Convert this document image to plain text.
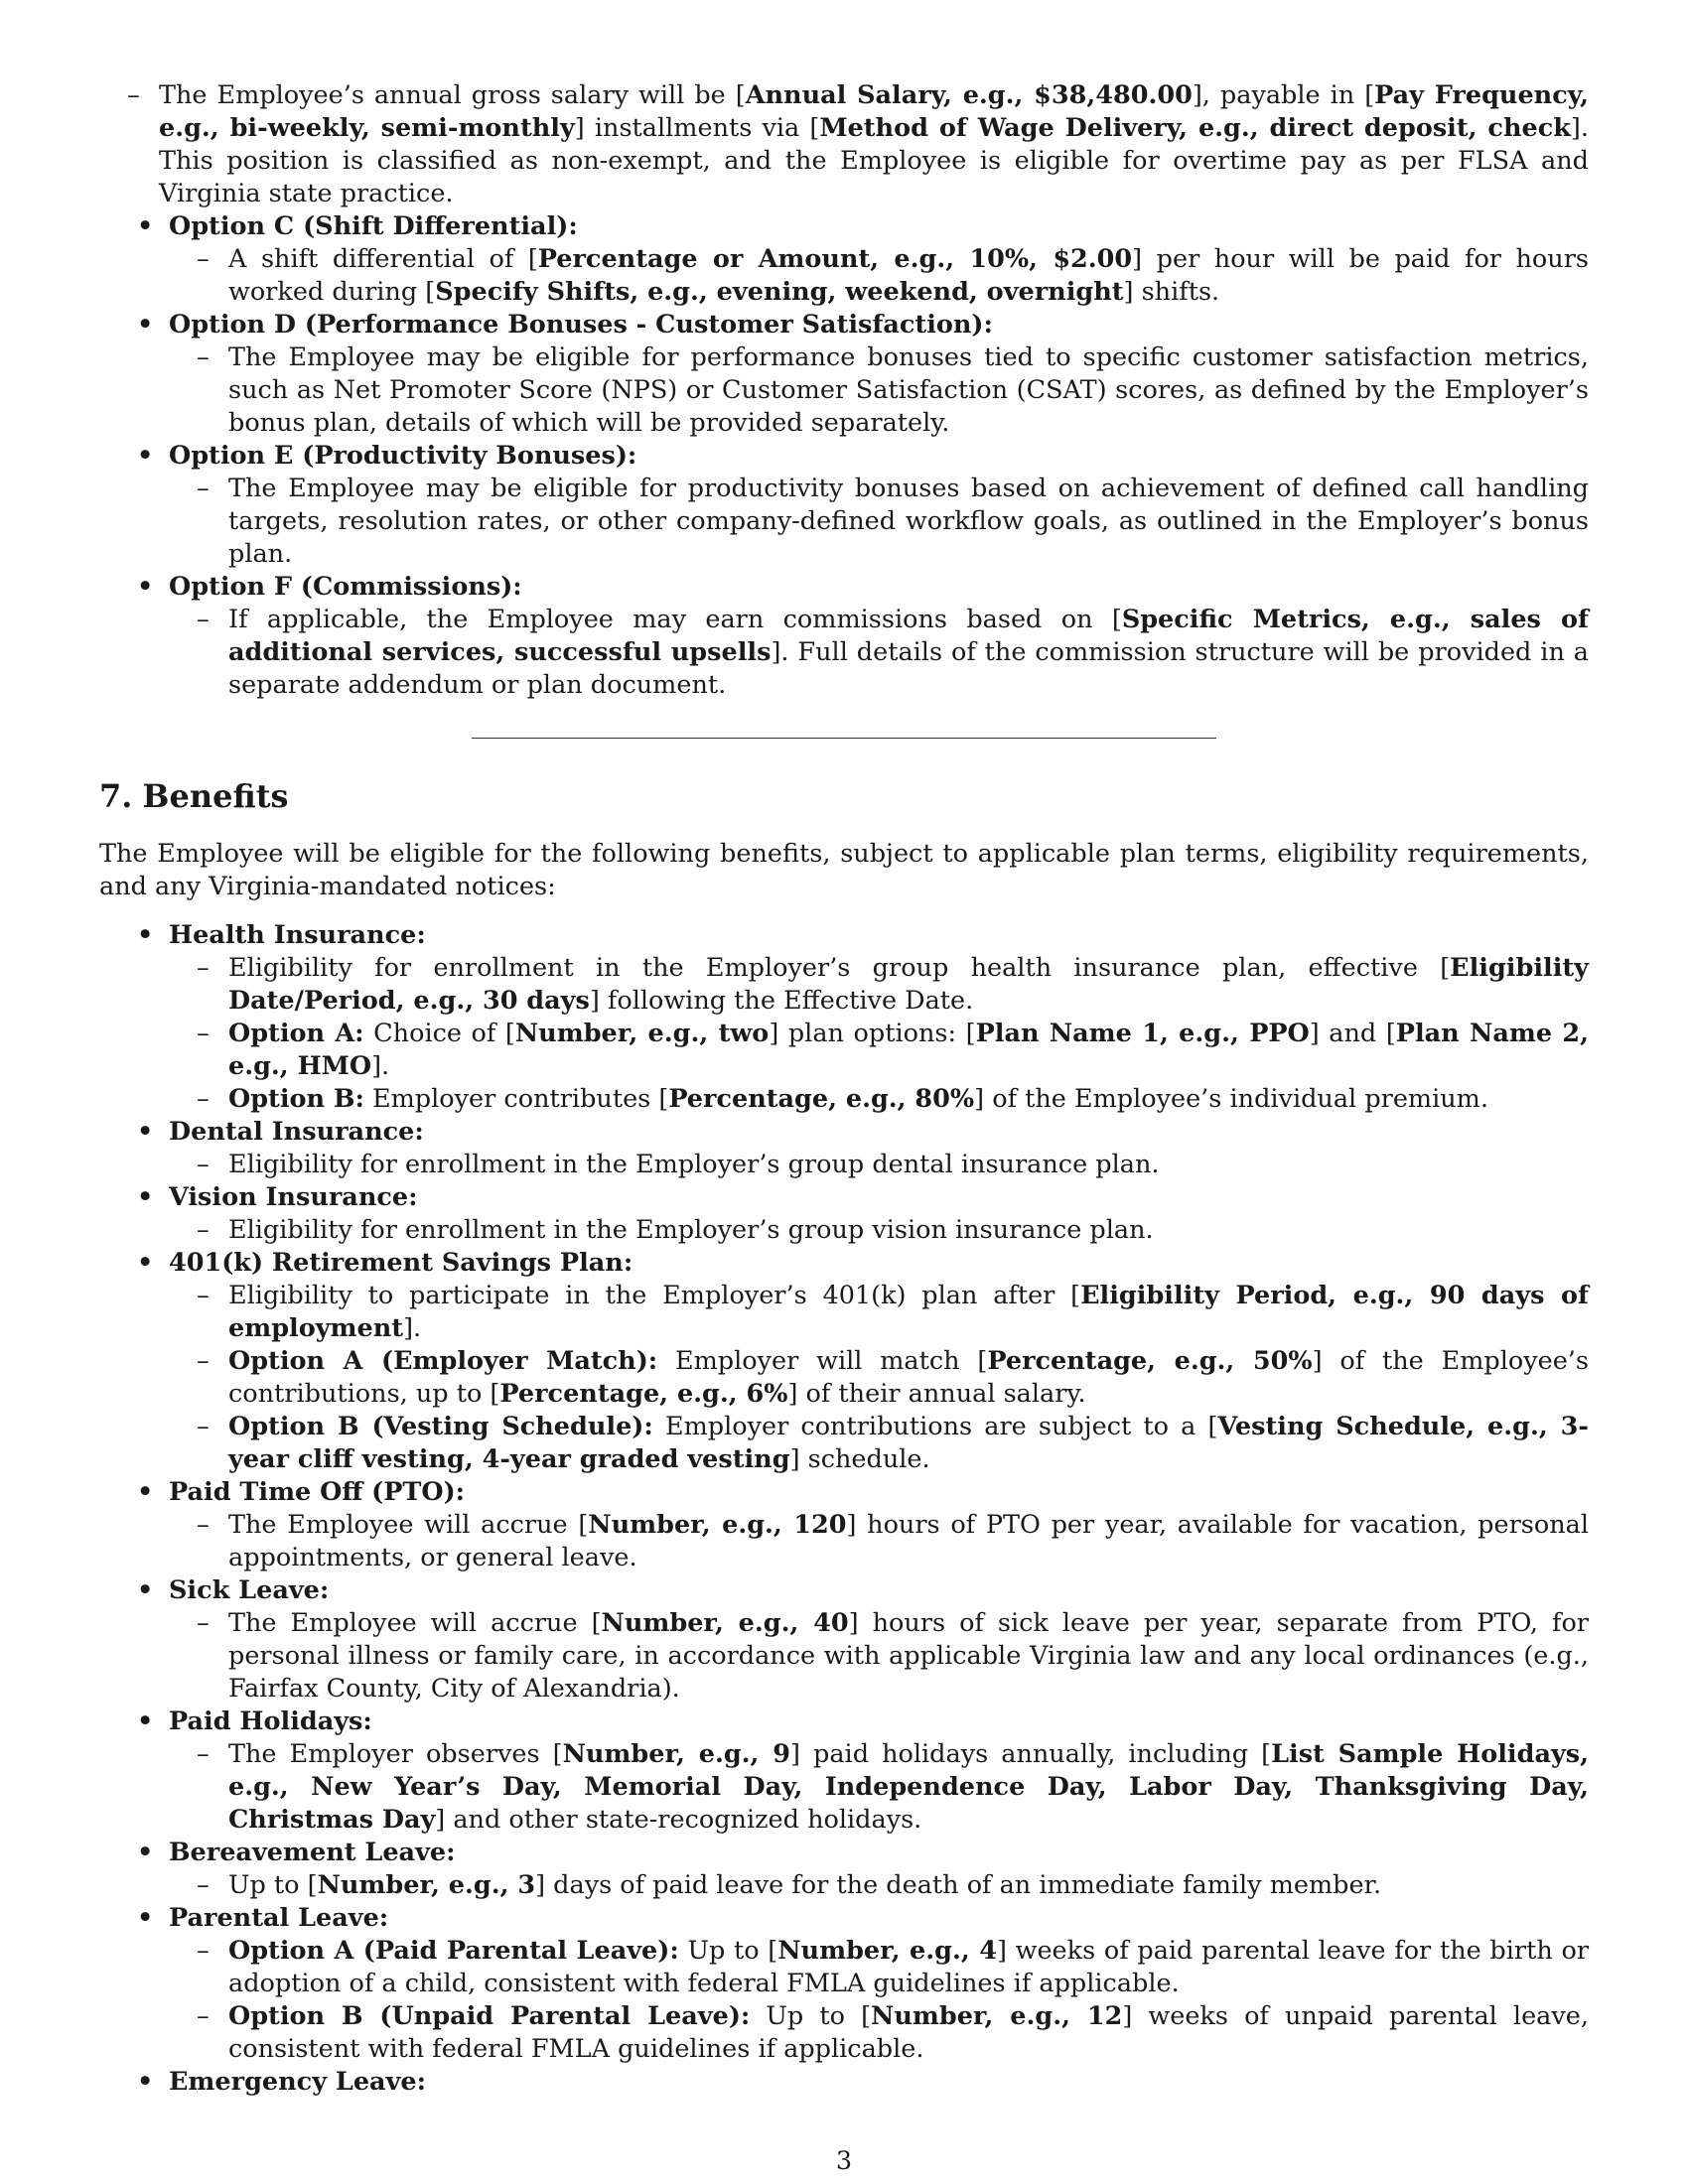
– The Employee’s annual gross salary will be [Annual Salary, e.g., $38,480.00], payable in [Pay Frequency, e.g., bi-weekly, semi-monthly] installments via [Method of Wage Delivery, e.g., direct deposit, check]. This position is classified as non-exempt, and the Employee is eligible for overtime pay as per FLSA and Virginia state practice.
• Option C (Shift Differential):
– A shift differential of [Percentage or Amount, e.g., 10%, $2.00] per hour will be paid for hours worked during [Specify Shifts, e.g., evening, weekend, overnight] shifts.
• Option D (Performance Bonuses - Customer Satisfaction):
– The Employee may be eligible for performance bonuses tied to specific customer satisfaction metrics, such as Net Promoter Score (NPS) or Customer Satisfaction (CSAT) scores, as defined by the Employer’s bonus plan, details of which will be provided separately.
• Option E (Productivity Bonuses):
– The Employee may be eligible for productivity bonuses based on achievement of defined call handling targets, resolution rates, or other company-defined workflow goals, as outlined in the Employer’s bonus plan.
• Option F (Commissions):
– If applicable, the Employee may earn commissions based on [Specific Metrics, e.g., sales of additional services, successful upsells]. Full details of the commission structure will be provided in a separate addendum or plan document.
7. Benefits

The Employee will be eligible for the following benefits, subject to applicable plan terms, eligibility requirements, and any Virginia-mandated notices:

• Health Insurance:
– Eligibility for enrollment in the Employer’s group health insurance plan, effective [Eligibility Date/Period, e.g., 30 days] following the Effective Date.
– Option A: Choice of [Number, e.g., two] plan options: [Plan Name 1, e.g., PPO] and [Plan Name 2, e.g., HMO].
– Option B: Employer contributes [Percentage, e.g., 80%] of the Employee’s individual premium.
• Dental Insurance:
– Eligibility for enrollment in the Employer’s group dental insurance plan.
• Vision Insurance:
– Eligibility for enrollment in the Employer’s group vision insurance plan.
• 401(k) Retirement Savings Plan:
– Eligibility to participate in the Employer’s 401(k) plan after [Eligibility Period, e.g., 90 days of employment].
– Option A (Employer Match): Employer will match [Percentage, e.g., 50%] of the Employee’s contributions, up to [Percentage, e.g., 6%] of their annual salary.
– Option B (Vesting Schedule): Employer contributions are subject to a [Vesting Schedule, e.g., 3-year cliff vesting, 4-year graded vesting] schedule.
• Paid Time Off (PTO):
– The Employee will accrue [Number, e.g., 120] hours of PTO per year, available for vacation, personal appointments, or general leave.
• Sick Leave:
– The Employee will accrue [Number, e.g., 40] hours of sick leave per year, separate from PTO, for personal illness or family care, in accordance with applicable Virginia law and any local ordinances (e.g., Fairfax County, City of Alexandria).
• Paid Holidays:
– The Employer observes [Number, e.g., 9] paid holidays annually, including [List Sample Holidays, e.g., New Year’s Day, Memorial Day, Independence Day, Labor Day, Thanksgiving Day, Christmas Day] and other state-recognized holidays.
• Bereavement Leave:
– Up to [Number, e.g., 3] days of paid leave for the death of an immediate family member.
• Parental Leave:
– Option A (Paid Parental Leave): Up to [Number, e.g., 4] weeks of paid parental leave for the birth or adoption of a child, consistent with federal FMLA guidelines if applicable.
– Option B (Unpaid Parental Leave): Up to [Number, e.g., 12] weeks of unpaid parental leave, consistent with federal FMLA guidelines if applicable.
• Emergency Leave:
3
